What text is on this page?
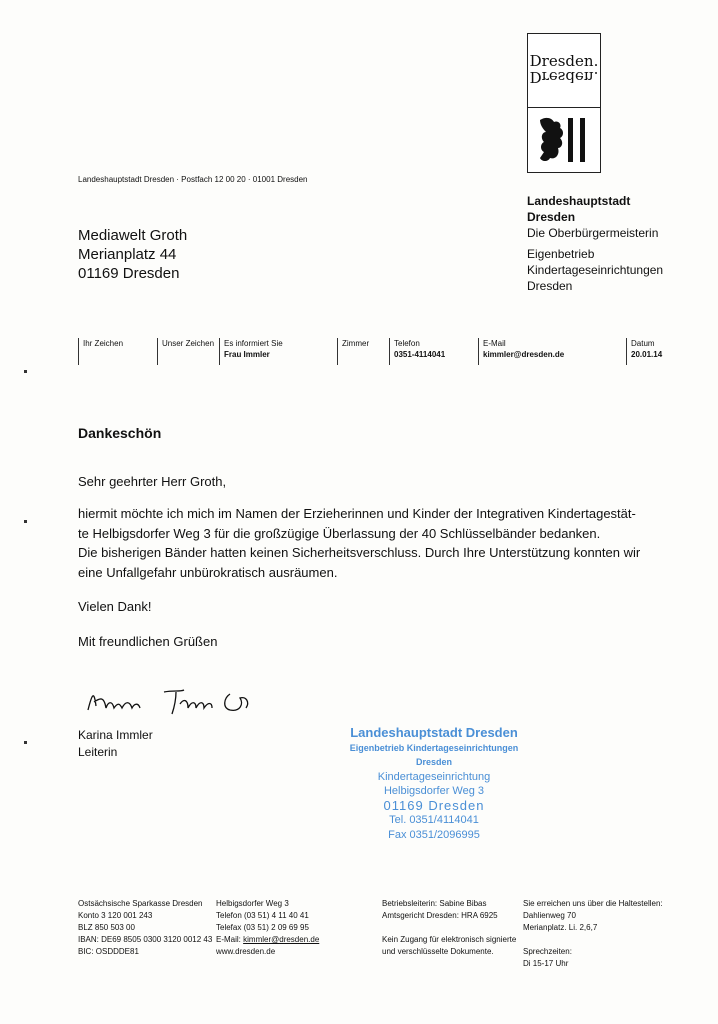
Dresden.
Dresden.
Landeshauptstadt Dresden · Postfach 12 00 20 · 01001 Dresden
Mediawelt Groth
Merianplatz 44
01169 Dresden
Landeshauptstadt
Dresden
Die Oberbürgermeisterin
Eigenbetrieb
Kindertageseinrichtungen
Dresden
Ihr Zeichen	Unser Zeichen Es informiert Sie
Frau Immler
Zimmer	Telefon
0351-4114041
E-Mail
kimmler@dresden.de
Datum
20.01.14
Dankeschön
Sehr geehrter Herr Groth,
hiermit möchte ich mich im Namen der Erzieherinnen und Kinder der Integrativen Kindertagestät-
te Helbigsdorfer Weg 3 für die großzügige Überlassung der 40 Schlüsselbänder bedanken.
Die bisherigen Bänder hatten keinen Sicherheitsverschluss. Durch Ihre Unterstützung konnten wir
eine Unfallgefahr unbürokratisch ausräumen.
Vielen Dank!
Mit freundlichen Grüßen
Karina Immler
Leiterin
Landeshauptstadt Dresden
Eigenbetrieb Kindertageseinrichtungen Dresden
Kindertageseinrichtung
Helbigsdorfer Weg 3
01169 Dresden
Tel. 0351/4114041
Fax 0351/2096995
Ostsächsische Sparkasse Dresden
Konto 3 120 001 243
BLZ 850 503 00
IBAN: DE69 8505 0300 3120 0012 43
BIC: OSDDDE81
Helbigsdorfer Weg 3
Telefon (03 51) 4 11 40 41
Telefax (03 51) 2 09 69 95
E-Mail: kimmler@dresden.de
www.dresden.de
Betriebsleiterin: Sabine Bibas
Amtsgericht Dresden: HRA 6925
Kein Zugang für elektronisch signierte
und verschlüsselte Dokumente.
Sie erreichen uns über die Haltestellen:
Dahlienweg 70
Merianplatz. Li. 2,6,7
Sprechzeiten:
Di 15-17 Uhr
